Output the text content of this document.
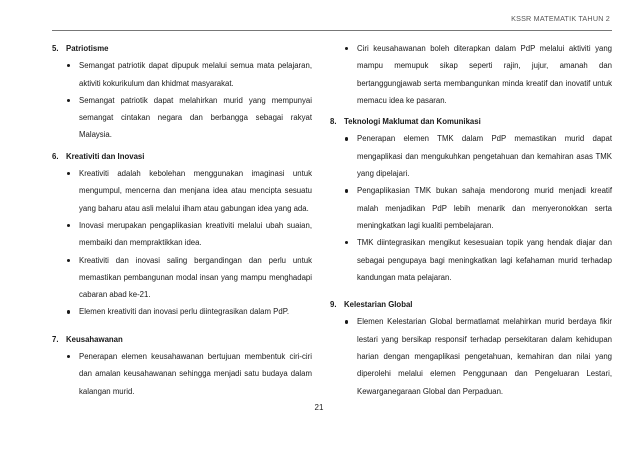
KSSR MATEMATIK TAHUN 2
5. Patriotisme
Semangat patriotik dapat dipupuk melalui semua mata pelajaran, aktiviti kokurikulum dan khidmat masyarakat.
Semangat patriotik dapat melahirkan murid yang mempunyai semangat cintakan negara dan berbangga sebagai rakyat Malaysia.
6. Kreativiti dan Inovasi
Kreativiti adalah kebolehan menggunakan imaginasi untuk mengumpul, mencerna dan menjana idea atau mencipta sesuatu yang baharu atau asli melalui ilham atau gabungan idea yang ada.
Inovasi merupakan pengaplikasian kreativiti melalui ubah suaian, membaiki dan mempraktikkan idea.
Kreativiti dan inovasi saling bergandingan dan perlu untuk memastikan pembangunan modal insan yang mampu menghadapi cabaran abad ke-21.
Elemen kreativiti dan inovasi perlu diintegrasikan dalam PdP.
7. Keusahawanan
Penerapan elemen keusahawanan bertujuan membentuk ciri-ciri dan amalan keusahawanan sehingga menjadi satu budaya dalam kalangan murid.
Ciri keusahawanan boleh diterapkan dalam PdP melalui aktiviti yang mampu memupuk sikap seperti rajin, jujur, amanah dan bertanggungjawab serta membangunkan minda kreatif dan inovatif untuk memacu idea ke pasaran.
8. Teknologi Maklumat dan Komunikasi
Penerapan elemen TMK dalam PdP memastikan murid dapat mengaplikasi dan mengukuhkan pengetahuan dan kemahiran asas TMK yang dipelajari.
Pengaplikasian TMK bukan sahaja mendorong murid menjadi kreatif malah menjadikan PdP lebih menarik dan menyeronokkan serta meningkatkan lagi kualiti pembelajaran.
TMK diintegrasikan mengikut kesesuaian topik yang hendak diajar dan sebagai pengupaya bagi meningkatkan lagi kefahaman murid terhadap kandungan mata pelajaran.
9. Kelestarian Global
Elemen Kelestarian Global bermatlamat melahirkan murid berdaya fikir lestari yang bersikap responsif terhadap persekitaran dalam kehidupan harian dengan mengaplikasi pengetahuan, kemahiran dan nilai yang diperolehi melalui elemen Penggunaan dan Pengeluaran Lestari, Kewarganegaraan Global dan Perpaduan.
21
